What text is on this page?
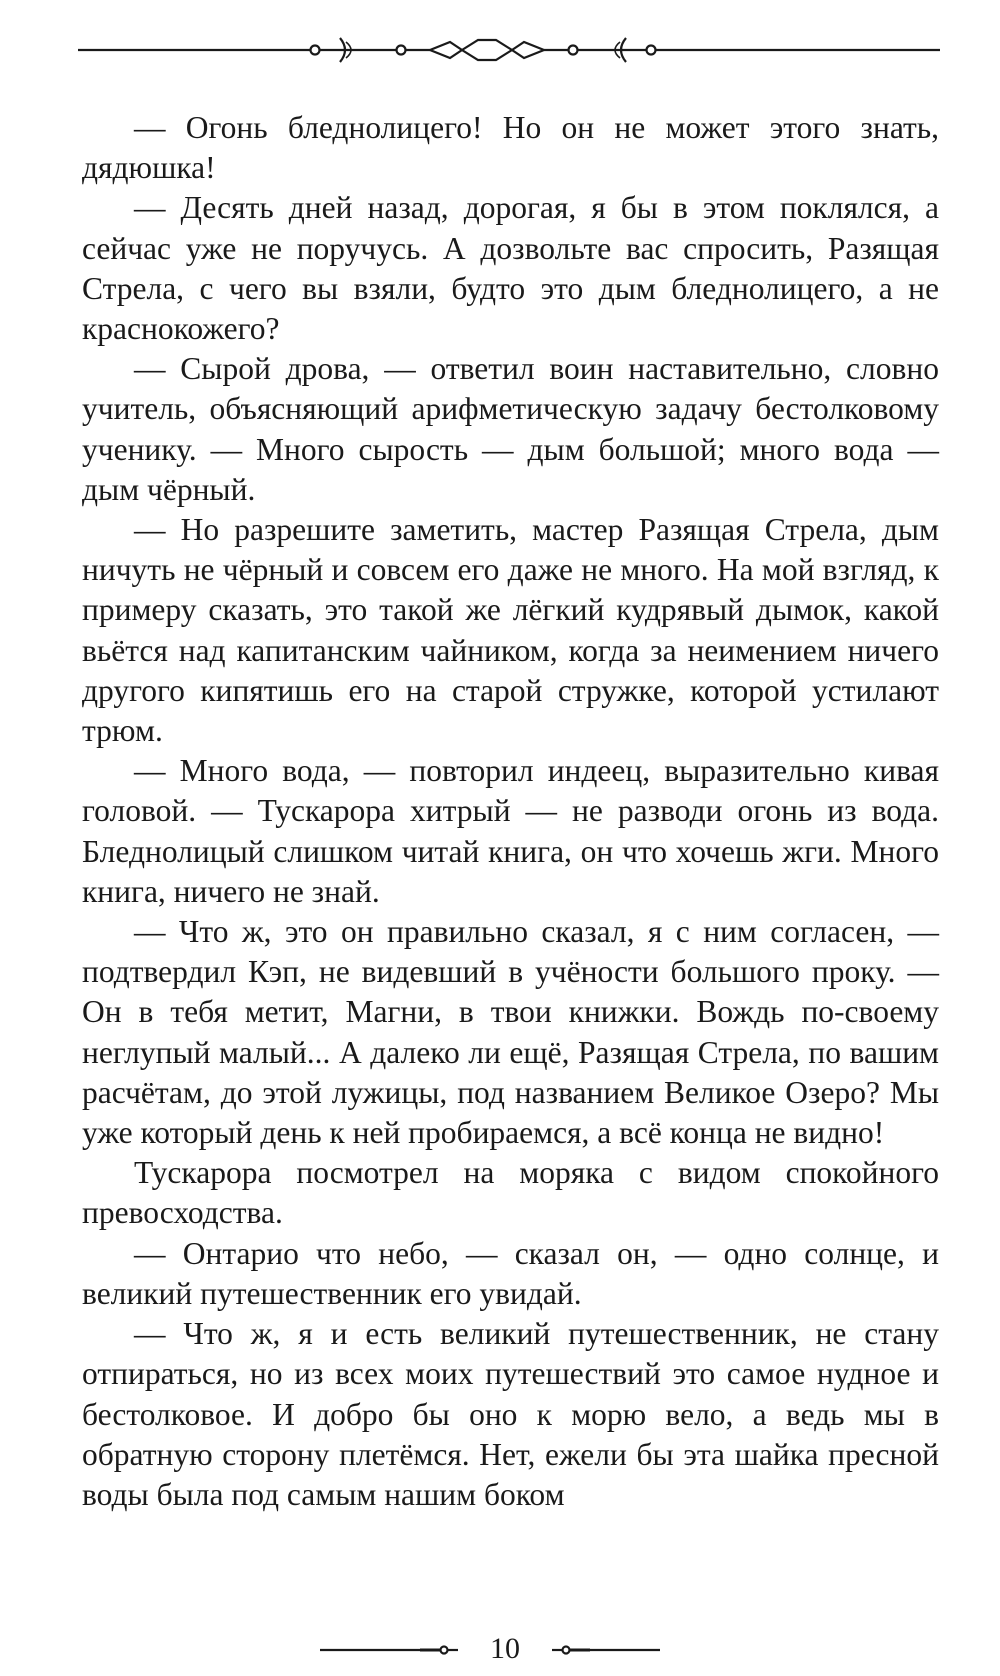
— Огонь бледнолицего! Но он не может этого знать, дядюшка!

— Десять дней назад, дорогая, я бы в этом поклялся, а сейчас уже не поручусь. А дозвольте вас спросить, Разящая Стрела, с чего вы взяли, будто это дым бледнолицего, а не краснокожего?

— Сырой дрова, — ответил воин наставительно, словно учитель, объясняющий арифметическую задачу бестолковому ученику. — Много сырость — дым большой; много вода — дым чёрный.

— Но разрешите заметить, мастер Разящая Стрела, дым ничуть не чёрный и совсем его даже не много. На мой взгляд, к примеру сказать, это такой же лёгкий кудрявый дымок, какой вьётся над капитанским чайником, когда за неимением ничего другого кипятишь его на старой стружке, которой устилают трюм.

— Много вода, — повторил индеец, выразительно кивая головой. — Тускарора хитрый — не разводи огонь из вода. Бледнолицый слишком читай книга, он что хочешь жги. Много книга, ничего не знай.

— Что ж, это он правильно сказал, я с ним согласен, — подтвердил Кэп, не видевший в учёности большого проку. — Он в тебя метит, Магни, в твои книжки. Вождь по-своему неглупый малый... А далеко ли ещё, Разящая Стрела, по вашим расчётам, до этой лужицы, под названием Великое Озеро? Мы уже который день к ней пробираемся, а всё конца не видно!

Тускарора посмотрел на моряка с видом спокойного превосходства.

— Онтарио что небо, — сказал он, — одно солнце, и великий путешественник его увидай.

— Что ж, я и есть великий путешественник, не стану отпираться, но из всех моих путешествий это самое нудное и бестолковое. И добро бы оно к морю вело, а ведь мы в обратную сторону плетёмся. Нет, ежели бы эта шайка пресной воды была под самым нашим боком

10
